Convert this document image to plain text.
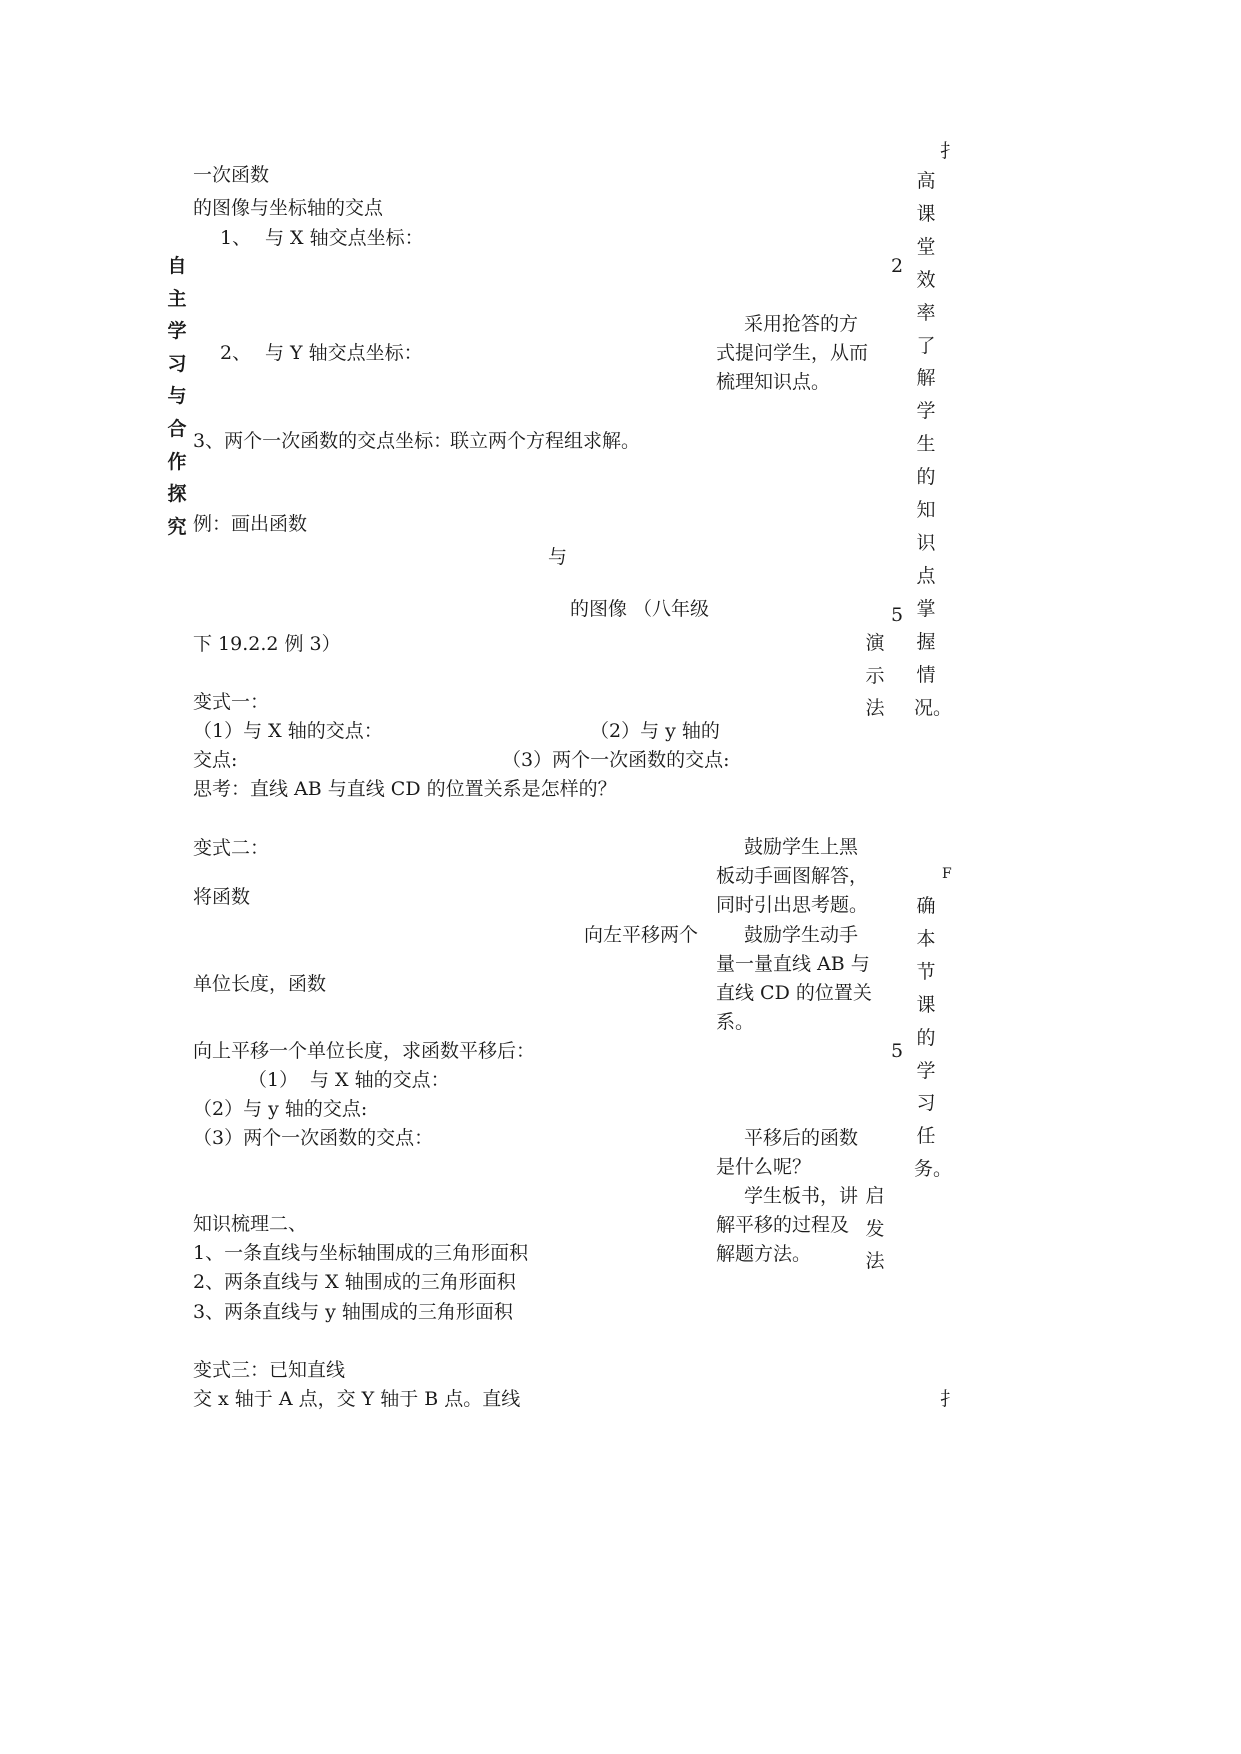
自
主
学
习
与
合
作
探
究
一次函数
的图像与坐标轴的交点
1、 与 X 轴交点坐标：
2、 与 Y 轴交点坐标：
3、两个一次函数的交点坐标：
联立两个方程组求解。
例：画出函数
与
的图像 （八年级
下 19.2.2 例 3）
变式一：
（1）与 X 轴的交点：	（2）与 y 轴的
交点:	（3）两个一次函数的交点:
思考：直线 AB 与直线 CD 的位置关系是怎样的？
变式二：
将函数
向左平移两个
单位长度，函数
向上平移一个单位长度，求函数平移后：
（1） 与 X 轴的交点：
（2）与 y 轴的交点:
（3）两个一次函数的交点：
知识梳理二、
1、一条直线与坐标轴围成的三角形面积
2、两条直线与 X 轴围成的三角形面积
3、两条直线与 y 轴围成的三角形面积
变式三：已知直线
交 x 轴于 A 点，交 Y 轴于 B 点。直线
采用抢答的方
式提问学生，从而
梳理知识点。
鼓励学生上黑
板动手画图解答，
同时引出思考题。
鼓励学生动手
量一量直线 AB 与
直线 CD 的位置关
系。
平移后的函数
是什么呢？
学生板书，讲
解平移的过程及
解题方法。
演
示
法
启
发
法
2
5
5
扌
高
课
堂
效
率
了
解
学
生
的
知
识
点
掌
握
情
况。
F
确
本
节
课
的
学
习
任
务。
扌
